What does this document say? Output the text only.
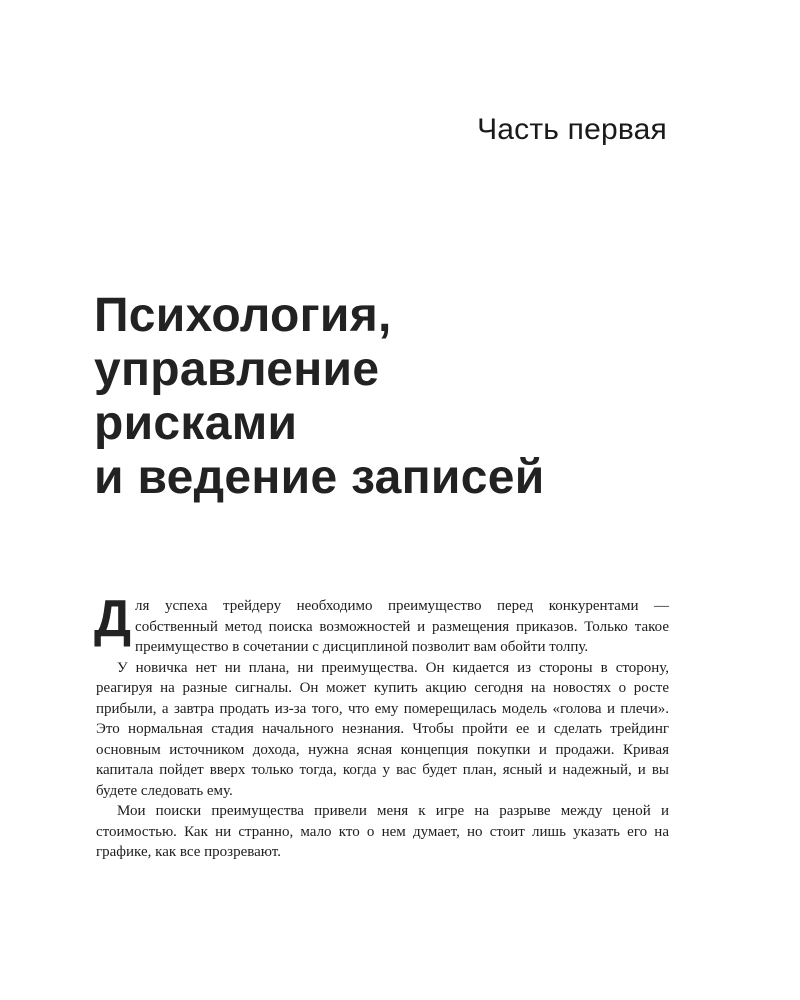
Часть первая
Психология,
управление
рисками
и ведение записей

Для успеха трейдеру необходимо преимущество перед конкурентами — собственный метод поиска возможностей и размещения приказов. Только такое преимущество в сочетании с дисциплиной позволит вам обойти толпу.

У новичка нет ни плана, ни преимущества. Он кидается из стороны в сторону, реагируя на разные сигналы. Он может купить акцию сегодня на новостях о росте прибыли, а завтра продать из-за того, что ему померещилась модель «голова и плечи». Это нормальная стадия начального незнания. Чтобы пройти ее и сделать трейдинг основным источником дохода, нужна ясная концепция покупки и продажи. Кривая капитала пойдет вверх только тогда, когда у вас будет план, ясный и надежный, и вы будете следовать ему.

Мои поиски преимущества привели меня к игре на разрыве между ценой и стоимостью. Как ни странно, мало кто о нем думает, но стоит лишь указать его на графике, как все прозревают.
